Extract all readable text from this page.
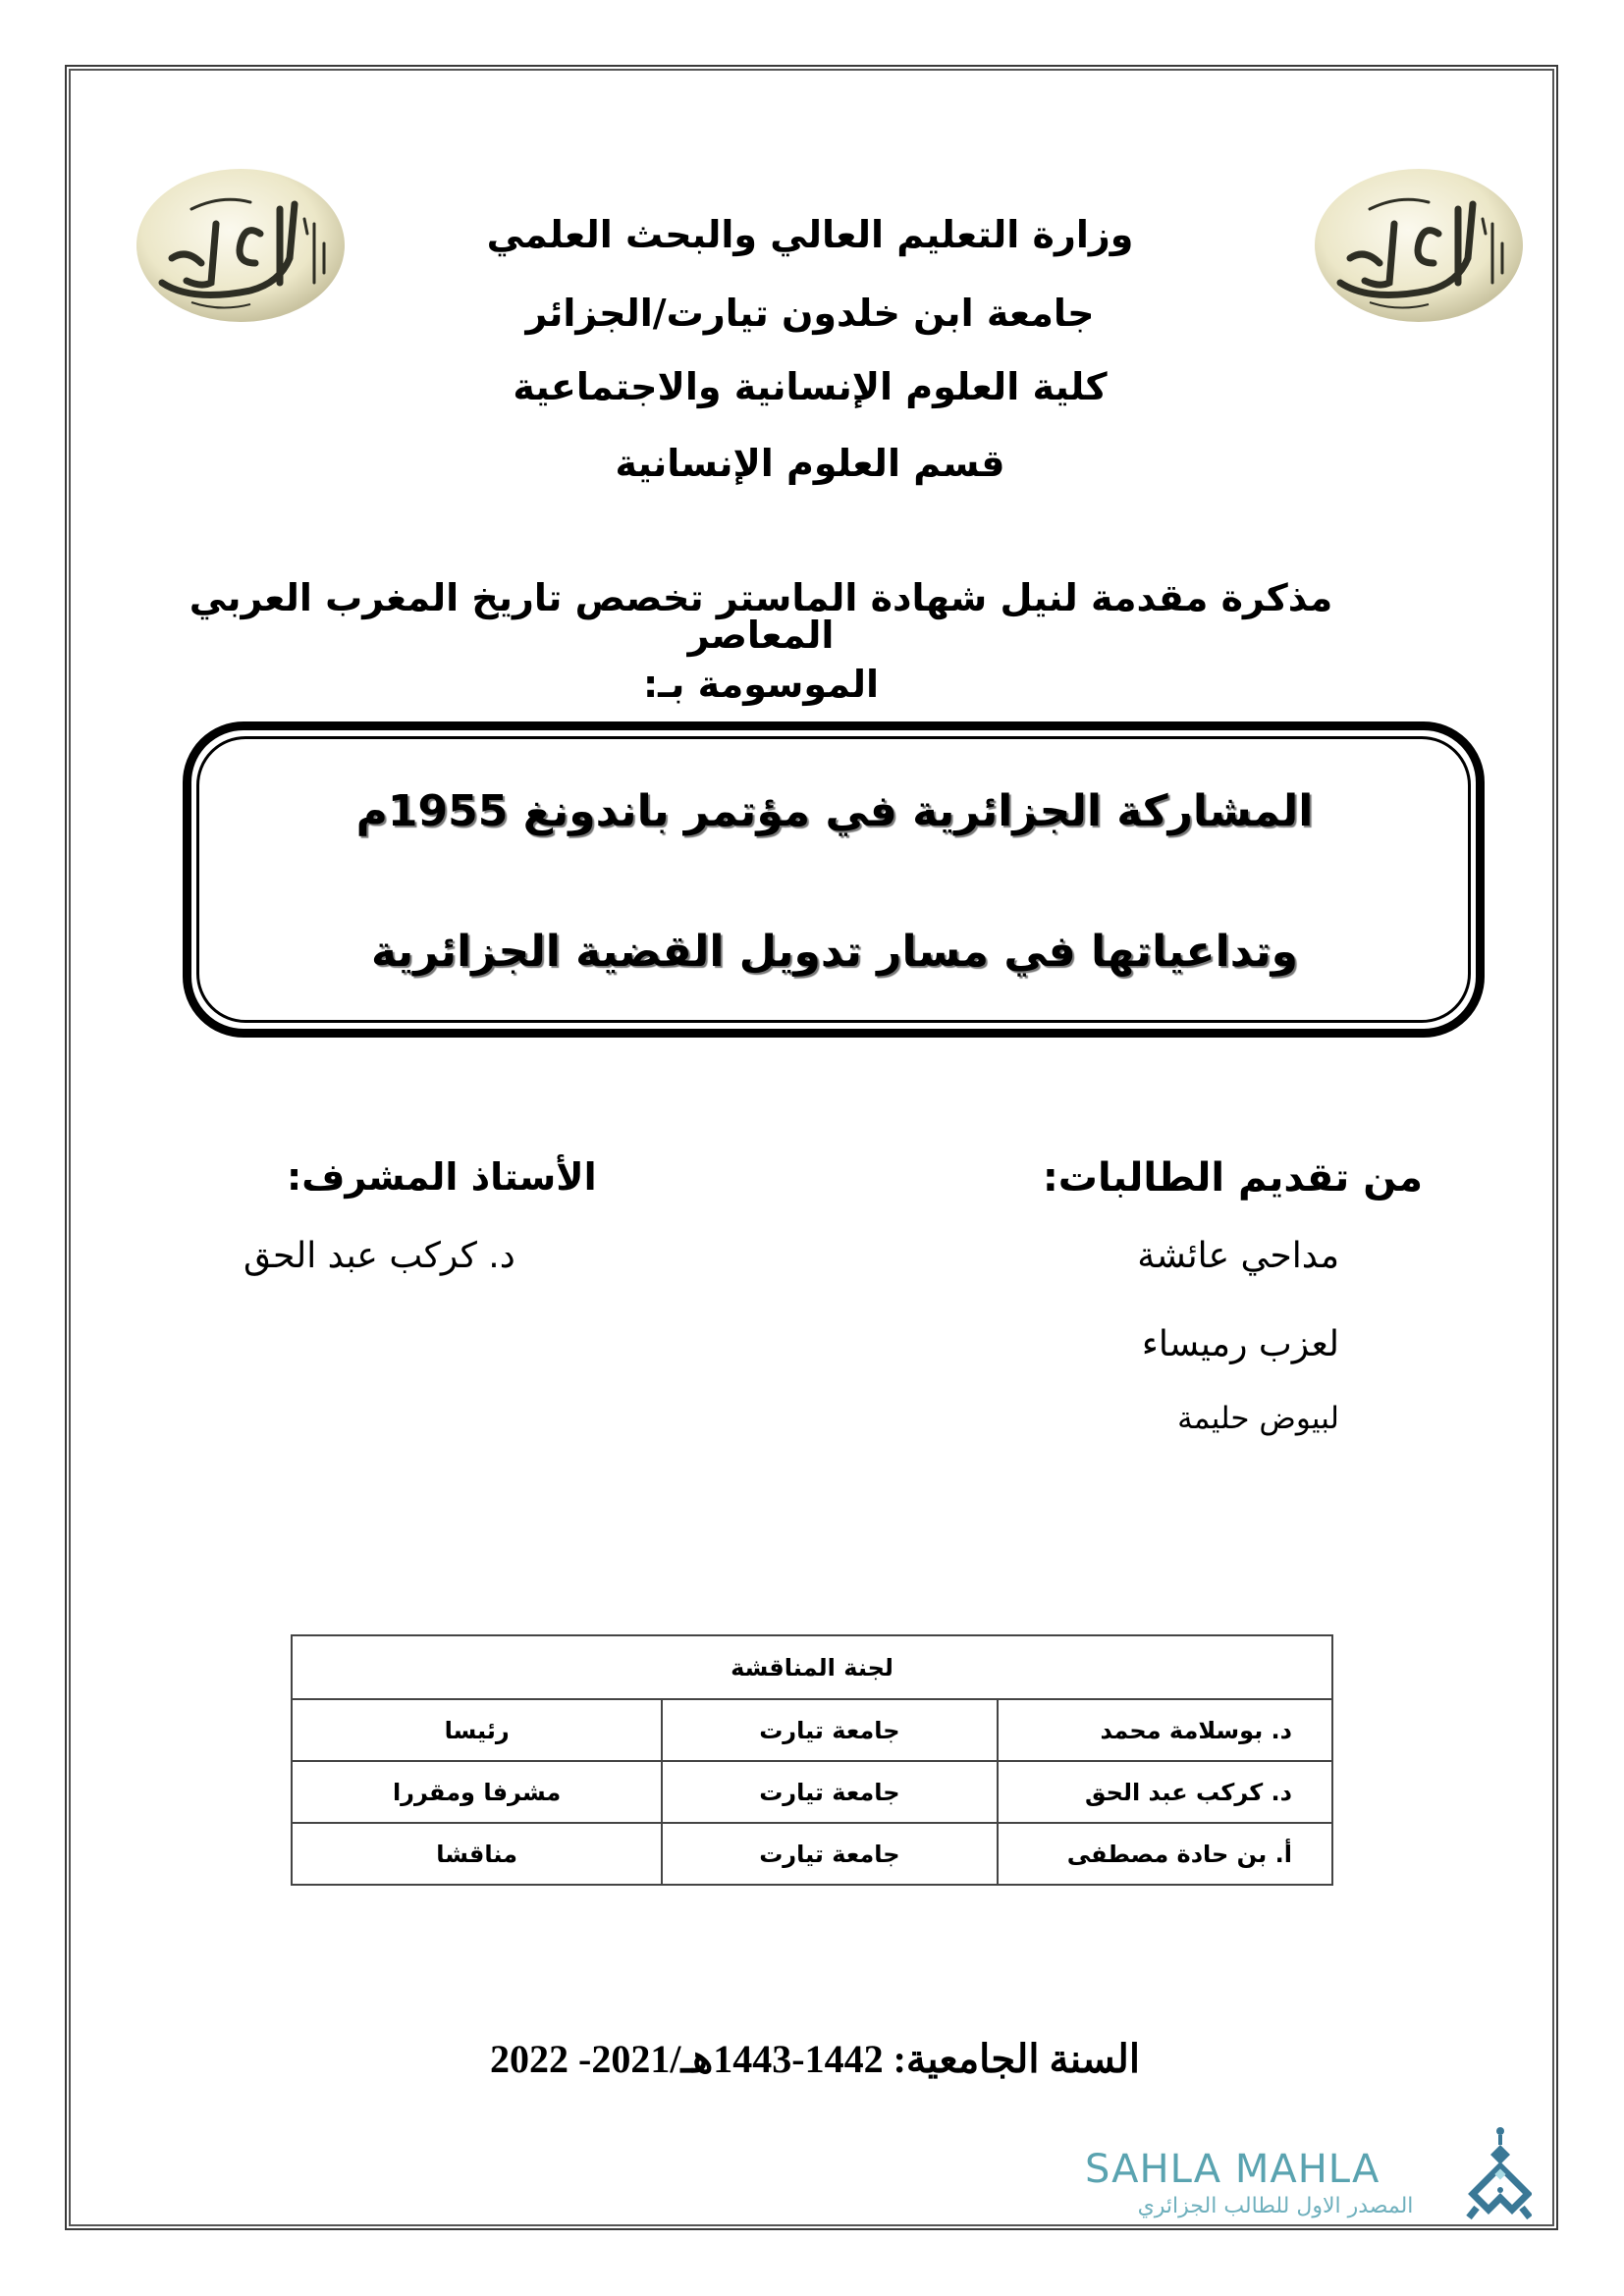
وزارة التعليم العالي والبحث العلمي
جامعة ابن خلدون تيارت/الجزائر
كلية العلوم الإنسانية والاجتماعية
قسم العلوم الإنسانية
مذكرة مقدمة لنيل شهادة الماستر تخصص تاريخ المغرب العربي المعاصر
الموسومة بـ:
المشاركة الجزائرية في مؤتمر باندونغ 1955م
وتداعياتها في مسار تدويل القضية الجزائرية
من تقديم الطالبات:
مداحي عائشة
لعزب رميساء
لبيوض حليمة
الأستاذ المشرف:
د. كركب عبد الحق
لجنة المناقشة		
د. بوسلامة محمد	جامعة تيارت	رئيسا
د. كركب عبد الحق	جامعة تيارت	مشرفا ومقررا
أ. بن حادة مصطفى	جامعة تيارت	مناقشا
السنة الجامعية: 1442-1443هـ/2021- 2022
SAHLA MAHLA
المصدر الاول للطالب الجزائري
